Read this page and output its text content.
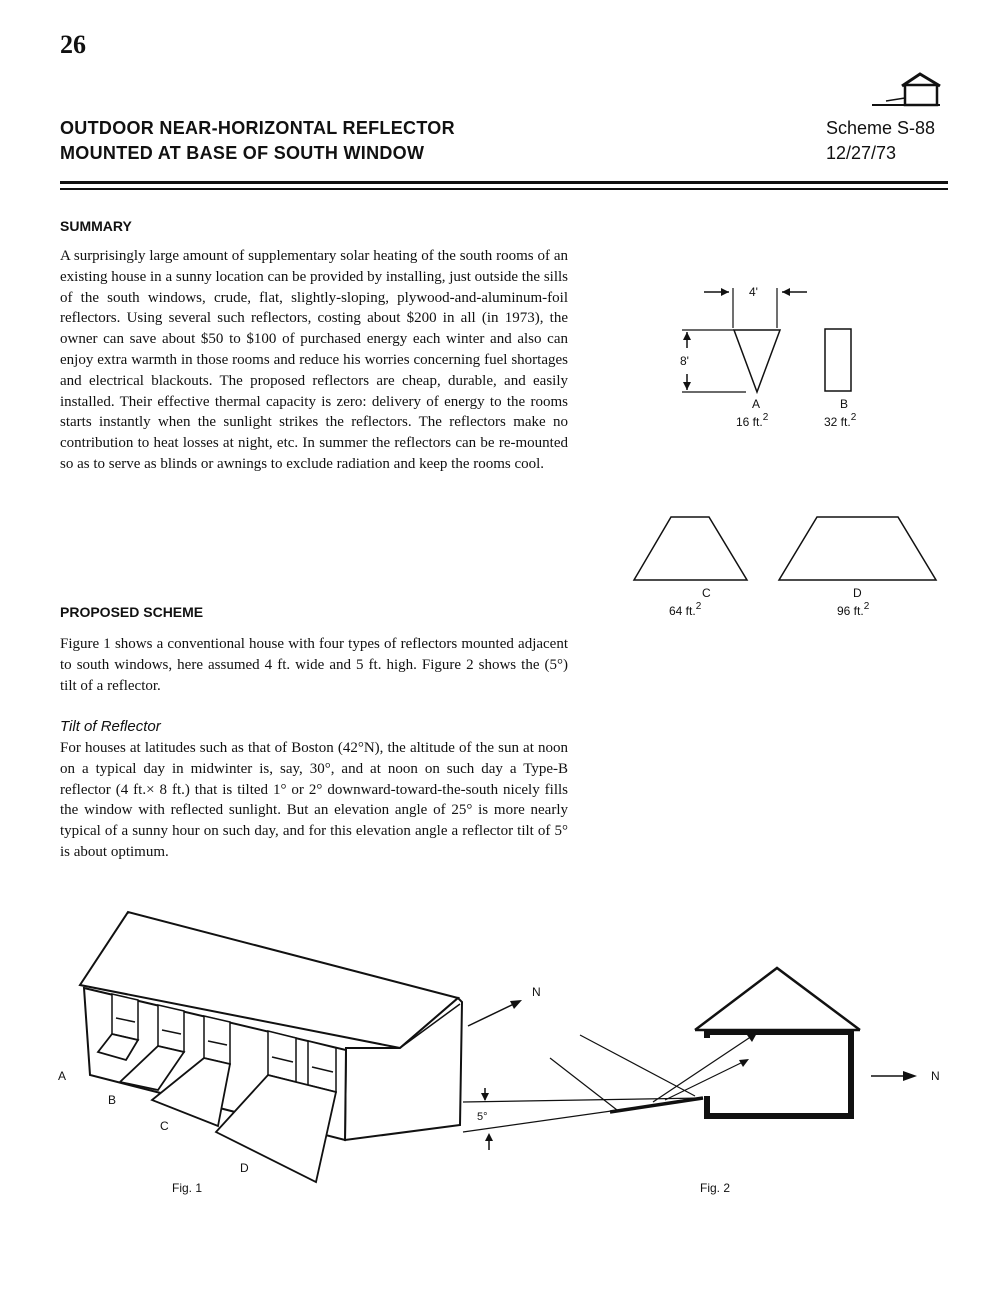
26
OUTDOOR NEAR-HORIZONTAL REFLECTOR
MOUNTED AT BASE OF SOUTH WINDOW
Scheme S-88
12/27/73
SUMMARY
A surprisingly large amount of supplementary solar heating of the south rooms of an existing house in a sunny location can be provided by installing, just outside the sills of the south windows, crude, flat, slightly-sloping, plywood-and-aluminum-foil reflectors. Using several such reflectors, costing about $200 in all (in 1973), the owner can save about $50 to $100 of purchased energy each winter and also can enjoy extra warmth in those rooms and reduce his worries concerning fuel shortages and electrical blackouts. The proposed reflectors are cheap, durable, and easily installed. Their effective thermal capacity is zero: delivery of energy to the rooms starts instantly when the sunlight strikes the reflectors. The reflectors make no contribution to heat losses at night, etc. In summer the reflectors can be re-mounted so as to serve as blinds or awnings to exclude radiation and keep the rooms cool.
PROPOSED SCHEME
Figure 1 shows a conventional house with four types of reflectors mounted adjacent to south windows, here assumed 4 ft. wide and 5 ft. high. Figure 2 shows the (5°) tilt of a reflector.
Tilt of Reflector
For houses at latitudes such as that of Boston (42°N), the altitude of the sun at noon on a typical day in midwinter is, say, 30°, and at noon on such day a Type-B reflector (4 ft.× 8 ft.) that is tilted 1° or 2° downward-toward-the-south nicely fills the window with reflected sunlight. But an elevation angle of 25° is more nearly typical of a sunny hour on such day, and for this elevation angle a reflector tilt of 5° is about optimum.
4'
8'
A
16 ft.$^2$
B
32 ft.$^2$
C
64 ft.$^2$
D
96 ft.$^2$
A
B
C
D
Fig. 1
N
5°
N
Fig. 2
